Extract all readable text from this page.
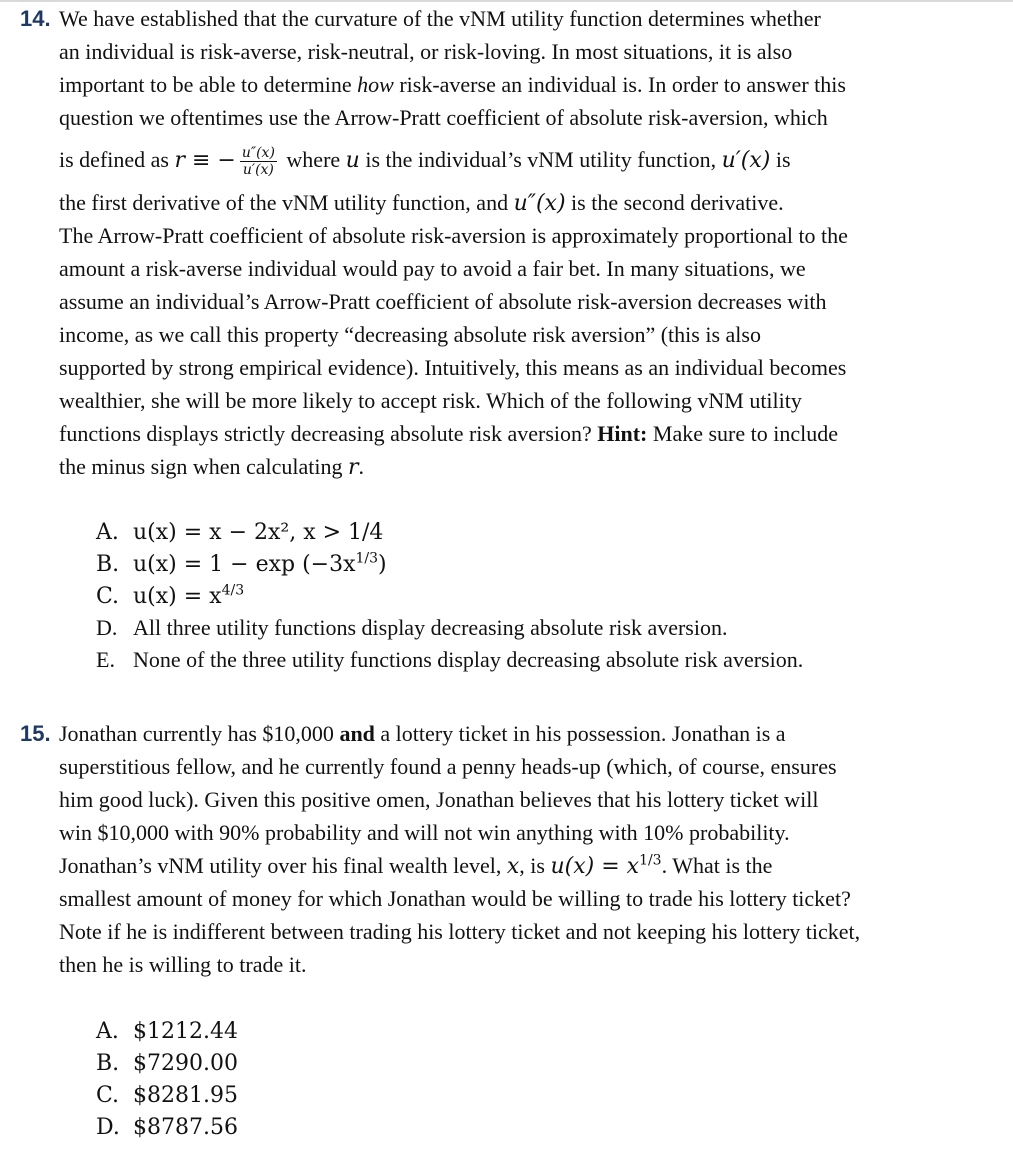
14. We have established that the curvature of the vNM utility function determines whether
an individual is risk-averse, risk-neutral, or risk-loving. In most situations, it is also
important to be able to determine how risk-averse an individual is. In order to answer this
question we oftentimes use the Arrow-Pratt coefficient of absolute risk-aversion, which
is defined as r ≡ − $\frac{u''(x)}{u'(x)}$ where u is the individual’s vNM utility function, u′(x) is
the first derivative of the vNM utility function, and u″(x) is the second derivative.
The Arrow-Pratt coefficient of absolute risk-aversion is approximately proportional to the
amount a risk-averse individual would pay to avoid a fair bet. In many situations, we
assume an individual’s Arrow-Pratt coefficient of absolute risk-aversion decreases with
income, as we call this property “decreasing absolute risk aversion” (this is also
supported by strong empirical evidence). Intuitively, this means as an individual becomes
wealthier, she will be more likely to accept risk. Which of the following vNM utility
functions displays strictly decreasing absolute risk aversion? Hint: Make sure to include
the minus sign when calculating r.
A. u(x) = x − 2x², x > 1/4
B. $u(x) = 1 - \exp (-3x^{1/3})$
C. $u(x) = x^{4/3}$
D. All three utility functions display decreasing absolute risk aversion.
E. None of the three utility functions display decreasing absolute risk aversion.
15. Jonathan currently has $10,000 and a lottery ticket in his possession. Jonathan is a
superstitious fellow, and he currently found a penny heads-up (which, of course, ensures
him good luck). Given this positive omen, Jonathan believes that his lottery ticket will
win $10,000 with 90% probability and will not win anything with 10% probability.
Jonathan’s vNM utility over his final wealth level, x, is $u(x) = x^{1/3}$. What is the
smallest amount of money for which Jonathan would be willing to trade his lottery ticket?
Note if he is indifferent between trading his lottery ticket and not keeping his lottery ticket,
then he is willing to trade it.
A. $1212.44
B. $7290.00
C. $8281.95
D. $8787.56
